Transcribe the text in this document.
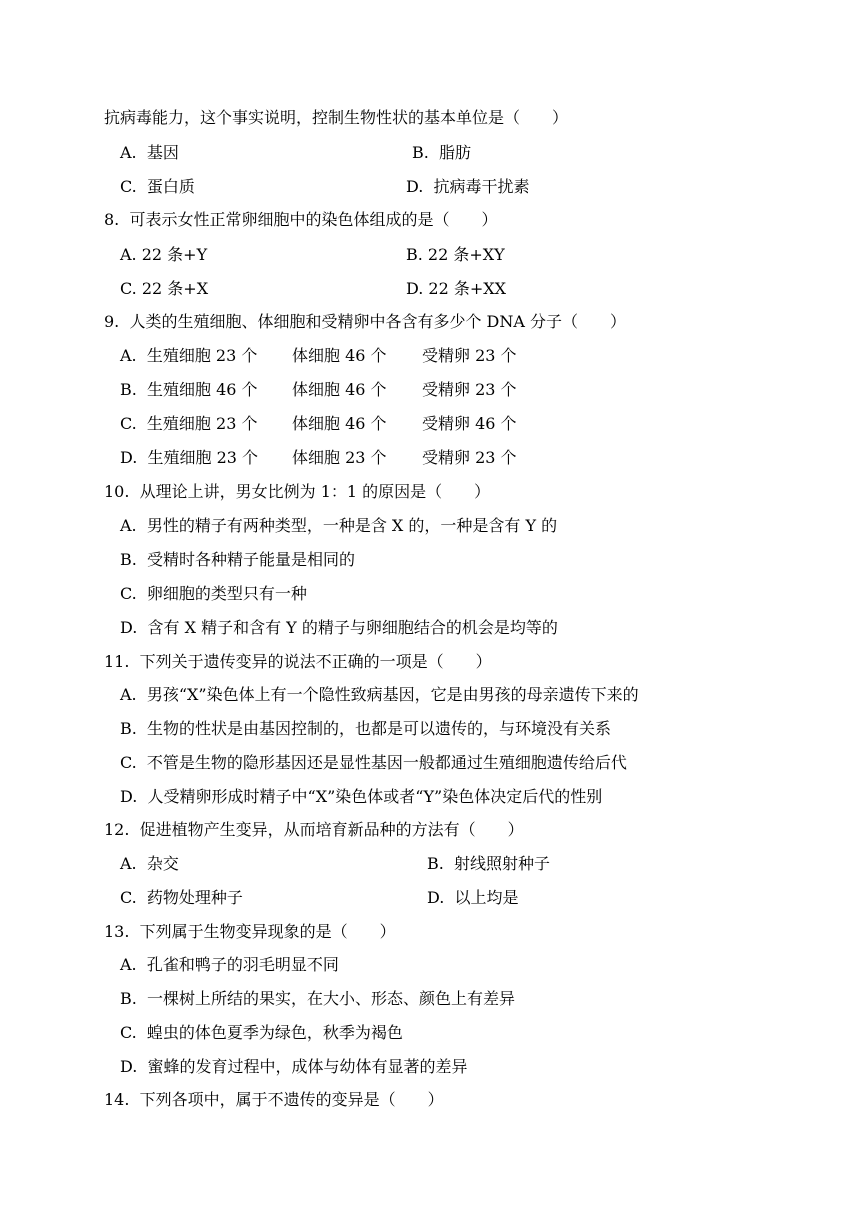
抗病毒能力，这个事实说明，控制生物性状的基本单位是（　　）
A.  基因	B.  脂肪
C.  蛋白质	D.  抗病毒干扰素
8.  可表示女性正常卵细胞中的染色体组成的是（　　）
A. 22 条+Y	B. 22 条+XY
C. 22 条+X	D. 22 条+XX
9.  人类的生殖细胞、体细胞和受精卵中各含有多少个 DNA 分子（　　）
A.  生殖细胞 23 个 体细胞 46 个 受精卵 23 个
B.  生殖细胞 46 个 体细胞 46 个 受精卵 23 个
C.  生殖细胞 23 个 体细胞 46 个 受精卵 46 个
D.  生殖细胞 23 个 体细胞 23 个 受精卵 23 个
10.  从理论上讲，男女比例为 1：1 的原因是（　　）
A.  男性的精子有两种类型，一种是含 X 的，一种是含有 Y 的
B.  受精时各种精子能量是相同的
C.  卵细胞的类型只有一种
D.  含有 X 精子和含有 Y 的精子与卵细胞结合的机会是均等的
11.  下列关于遗传变异的说法不正确的一项是（　　）
A.  男孩“X”染色体上有一个隐性致病基因，它是由男孩的母亲遗传下来的
B.  生物的性状是由基因控制的，也都是可以遗传的，与环境没有关系
C.  不管是生物的隐形基因还是显性基因一般都通过生殖细胞遗传给后代
D.  人受精卵形成时精子中“X”染色体或者“Y”染色体决定后代的性别
12.  促进植物产生变异，从而培育新品种的方法有（　　）
A.  杂交	B.  射线照射种子
C.  药物处理种子	D.  以上均是
13.  下列属于生物变异现象的是（　　）
A.  孔雀和鸭子的羽毛明显不同
B.  一棵树上所结的果实，在大小、形态、颜色上有差异
C.  蝗虫的体色夏季为绿色，秋季为褐色
D.  蜜蜂的发育过程中，成体与幼体有显著的差异
14.  下列各项中，属于不遗传的变异是（　　）
